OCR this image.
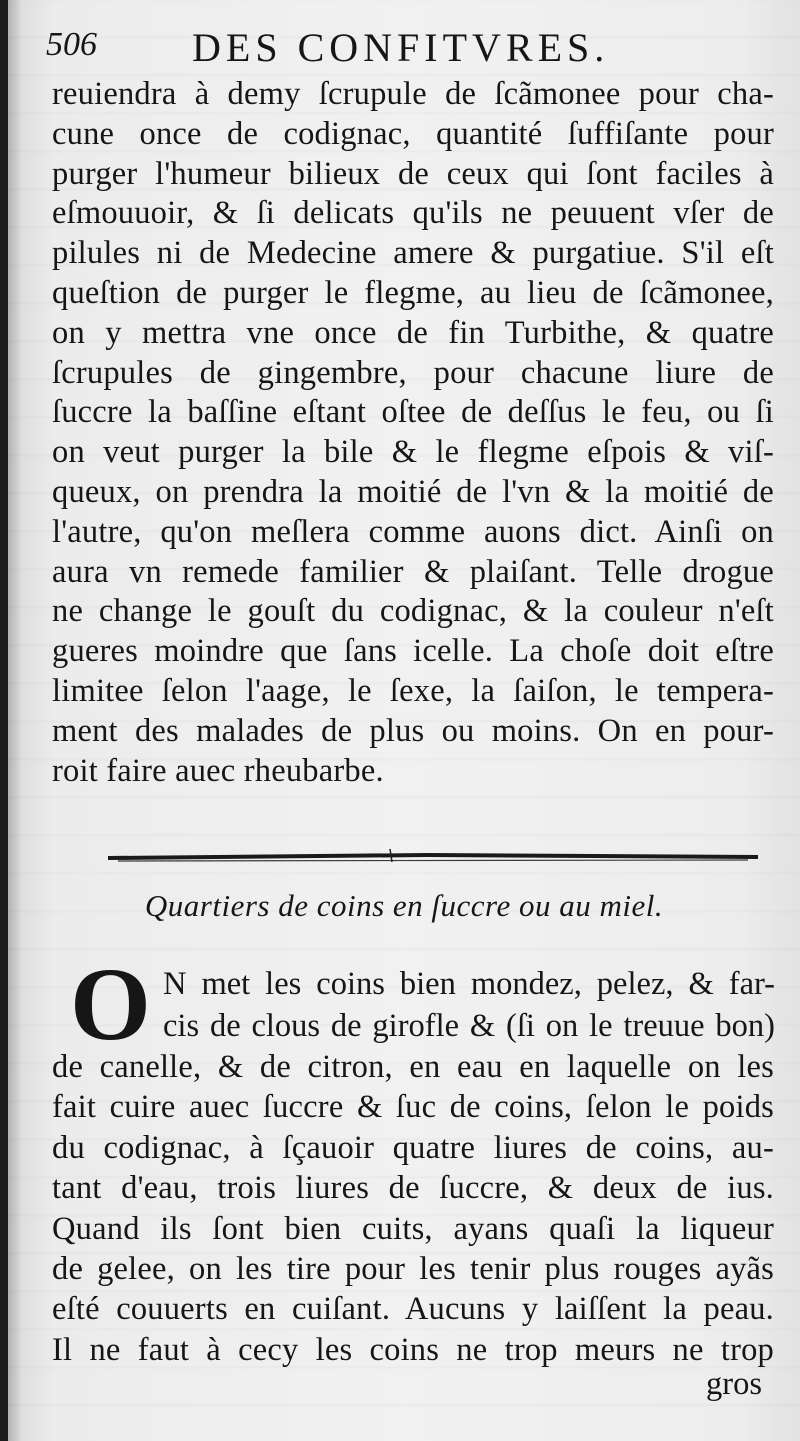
506 DES CONFITVRES.
reuiendra à demy ſcrupule de ſcãmonee pour cha-
cune once de codignac, quantité ſuffiſante pour
purger l'humeur bilieux de ceux qui ſont faciles à
eſmouuoir, & ſi delicats qu'ils ne peuuent vſer de
pilules ni de Medecine amere & purgatiue. S'il eſt
queſtion de purger le flegme, au lieu de ſcãmonee,
on y mettra vne once de fin Turbithe, & quatre
ſcrupules de gingembre, pour chacune liure de
ſuccre la baſſine eſtant oſtee de deſſus le feu, ou ſi
on veut purger la bile & le flegme eſpois & viſ-
queux, on prendra la moitié de l'vn & la moitié de
l'autre, qu'on meſlera comme auons dict. Ainſi on
aura vn remede familier & plaiſant. Telle drogue
ne change le gouſt du codignac, & la couleur n'eſt
gueres moindre que ſans icelle. La choſe doit eſtre
limitee ſelon l'aage, le ſexe, la ſaiſon, le tempera-
ment des malades de plus ou moins. On en pour-
roit faire auec rheubarbe.
Quartiers de coins en ſuccre ou au miel.
O N met les coins bien mondez, pelez, & far-
cis de clous de girofle & (ſi on le treuue bon)
de canelle, & de citron, en eau en laquelle on les
fait cuire auec ſuccre & ſuc de coins, ſelon le poids
du codignac, à ſçauoir quatre liures de coins, au-
tant d'eau, trois liures de ſuccre, & deux de ius.
Quand ils ſont bien cuits, ayans quaſi la liqueur
de gelee, on les tire pour les tenir plus rouges ayãs
eſté couuerts en cuiſant. Aucuns y laiſſent la peau.
Il ne faut à cecy les coins ne trop meurs ne trop
gros
